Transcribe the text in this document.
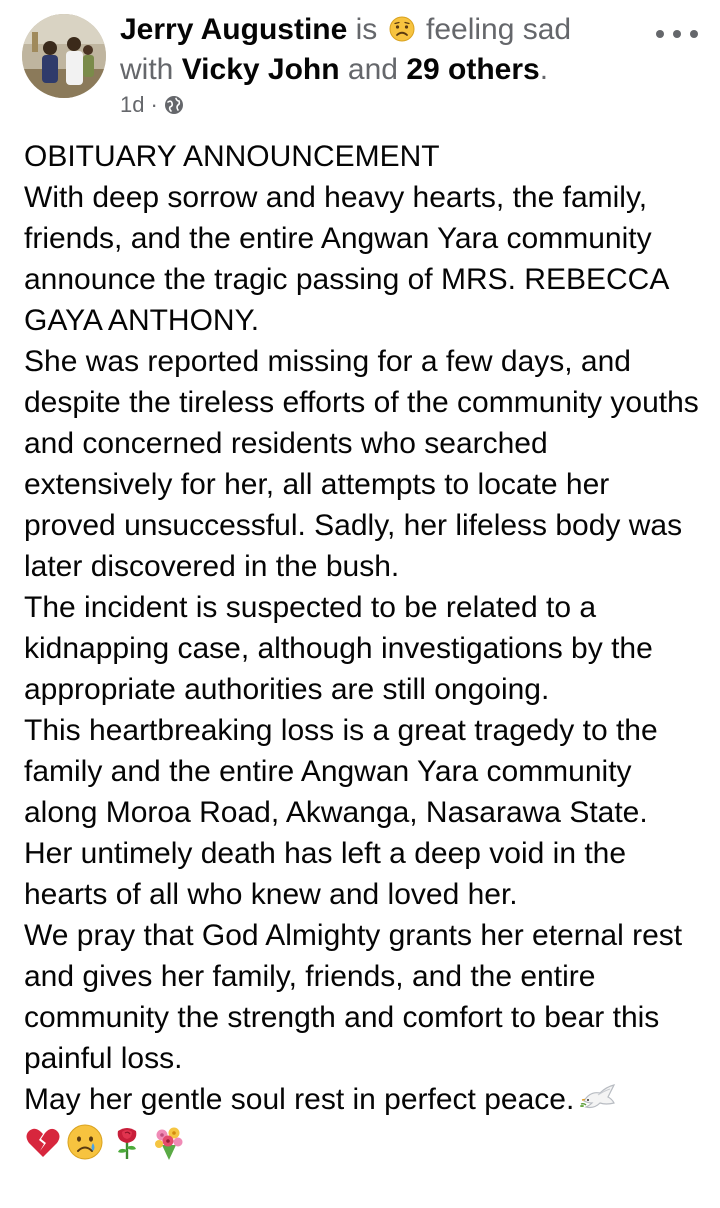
Jerry Augustine is feeling sad
with Vicky John and 29 others.
1d ·

OBITUARY ANNOUNCEMENT

With deep sorrow and heavy hearts, the family, friends, and the entire Angwan Yara community announce the tragic passing of MRS. REBECCA GAYA ANTHONY.

She was reported missing for a few days, and despite the tireless efforts of the community youths and concerned residents who searched extensively for her, all attempts to locate her proved unsuccessful. Sadly, her lifeless body was later discovered in the bush.

The incident is suspected to be related to a kidnapping case, although investigations by the appropriate authorities are still ongoing.

This heartbreaking loss is a great tragedy to the family and the entire Angwan Yara community along Moroa Road, Akwanga, Nasarawa State. Her untimely death has left a deep void in the hearts of all who knew and loved her.

We pray that God Almighty grants her eternal rest and gives her family, friends, and the entire community the strength and comfort to bear this painful loss.

May her gentle soul rest in perfect peace.
